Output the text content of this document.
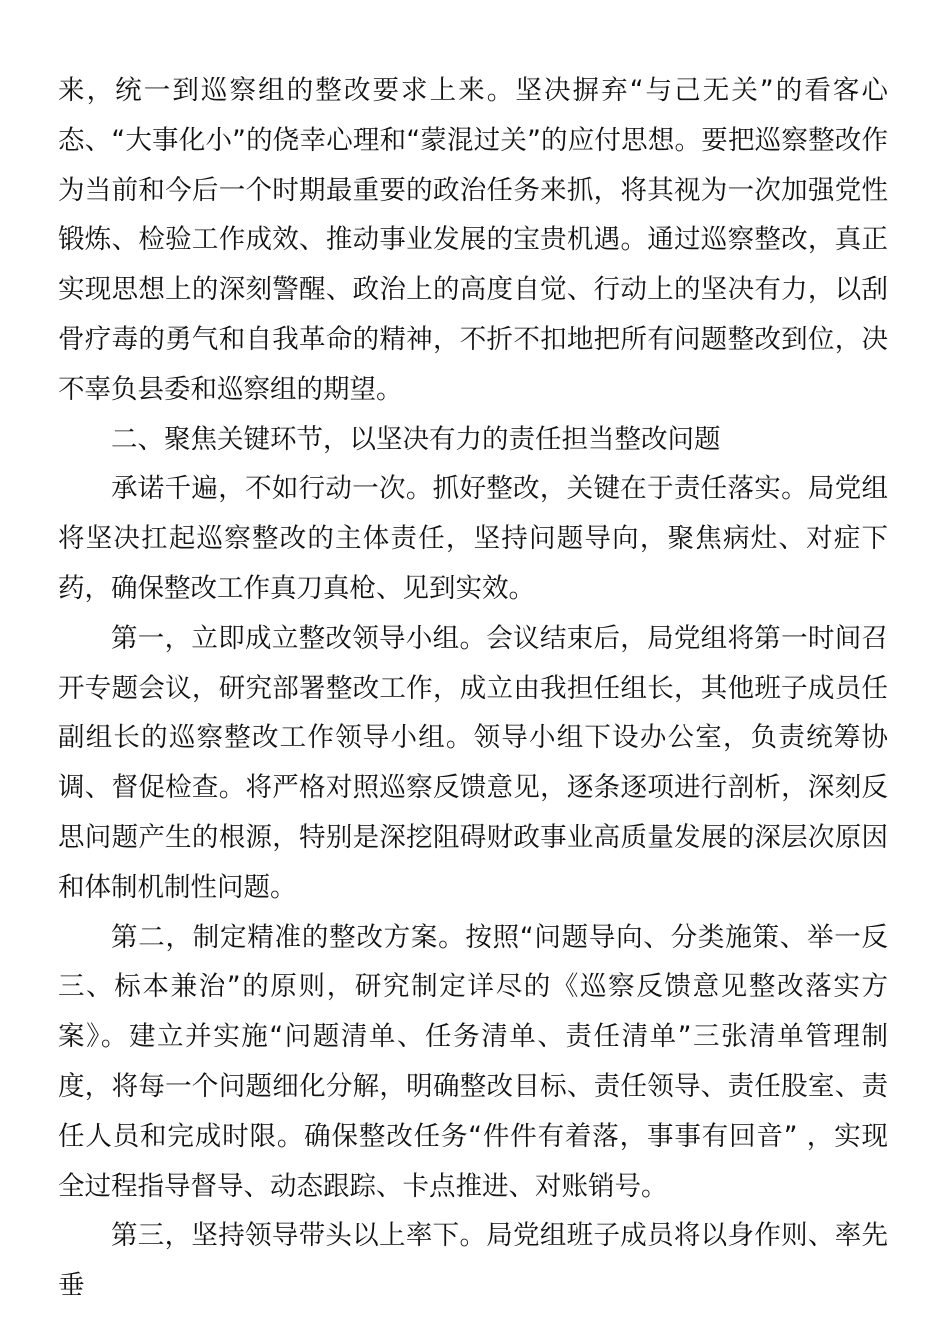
来，统一到巡察组的整改要求上来。坚决摒弃“与己无关”的看客心态、“大事化小”的侥幸心理和“蒙混过关”的应付思想。要把巡察整改作为当前和今后一个时期最重要的政治任务来抓，将其视为一次加强党性锻炼、检验工作成效、推动事业发展的宝贵机遇。通过巡察整改，真正实现思想上的深刻警醒、政治上的高度自觉、行动上的坚决有力，以刮骨疗毒的勇气和自我革命的精神，不折不扣地把所有问题整改到位，决不辜负县委和巡察组的期望。

二、聚焦关键环节，以坚决有力的责任担当整改问题

承诺千遍，不如行动一次。抓好整改，关键在于责任落实。局党组将坚决扛起巡察整改的主体责任，坚持问题导向，聚焦病灶、对症下药，确保整改工作真刀真枪、见到实效。

第一，立即成立整改领导小组。会议结束后，局党组将第一时间召开专题会议，研究部署整改工作，成立由我担任组长，其他班子成员任副组长的巡察整改工作领导小组。领导小组下设办公室，负责统筹协调、督促检查。将严格对照巡察反馈意见，逐条逐项进行剖析，深刻反思问题产生的根源，特别是深挖阻碍财政事业高质量发展的深层次原因和体制机制性问题。

第二，制定精准的整改方案。按照“问题导向、分类施策、举一反三、标本兼治”的原则，研究制定详尽的《巡察反馈意见整改落实方案》。建立并实施“问题清单、任务清单、责任清单”三张清单管理制度，将每一个问题细化分解，明确整改目标、责任领导、责任股室、责任人员和完成时限。确保整改任务“件件有着落，事事有回音” ，实现全过程指导督导、动态跟踪、卡点推进、对账销号。

第三，坚持领导带头以上率下。局党组班子成员将以身作则、率先垂
